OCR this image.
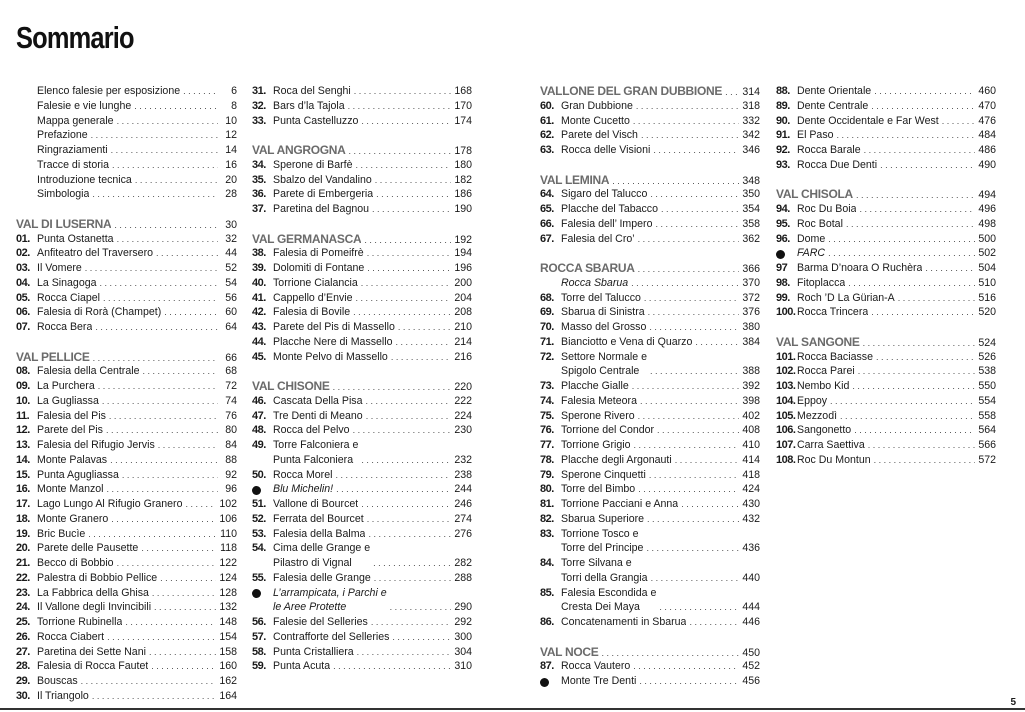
Sommario
Elenco falesie per esposizione . . .	6
Falesie e vie lunghe . . .	8
Mappa generale . . .	10
Prefazione . . .	12
Ringraziamenti . . .	14
Tracce di storia . . .	16
Introduzione tecnica . . .	20
Simbologia . . .	28
VAL DI LUSERNA . . .	30
01. Punta Ostanetta . . .	32
02. Anfiteatro del Traversero . . .	44
03. Il Vomere . . .	52
04. La Sinagoga . . .	54
05. Rocca Ciapel . . .	56
06. Falesia di Rorà (Champet) . . .	60
07. Rocca Bera . . .	64
VAL PELLICE . . .	66
08. Falesia della Centrale . . .	68
09. La Purchera . . .	72
10. La Gugliassa . . .	74
11. Falesia del Pis . . .	76
12. Parete del Pis . . .	80
13. Falesia del Rifugio Jervis . . .	84
14. Monte Palavas . . .	88
15. Punta Agugliassa . . .	92
16. Monte Manzol . . .	96
17. Lago Lungo Al Rifugio Granero . . .	102
18. Monte Granero . . .	106
19. Bric Bucìe . . .	110
20. Parete delle Pausette . . .	118
21. Becco di Bobbio . . .	122
22. Palestra di Bobbio Pellice . . .	124
23. La Fabbrica della Ghisa . . .	128
24. Il Vallone degli Invincibili . . .	132
25. Torrione Rubinella . . .	148
26. Rocca Ciabert . . .	154
27. Paretina dei Sette Nani . . .	158
28. Falesia di Rocca Fautet . . .	160
29. Bouscas . . .	162
30. Il Triangolo . . .	164
31. Roca del Senghi . . .	168
32. Bars d’la Tajola . . .	170
33. Punta Castelluzzo . . .	174
VAL ANGROGNA . . .	178
34. Sperone di Barfè . . .	180
35. Sbalzo del Vandalino . . .	182
36. Parete di Embergeria . . .	186
37. Paretina del Bagnou . . .	190
VAL GERMANASCA . . .	192
38. Falesia di Pomeifrè . . .	194
39. Dolomiti di Fontane . . .	196
40. Torrione Cialancia . . .	200
41. Cappello d’Envie . . .	204
42. Falesia di Bovile . . .	208
43. Parete del Pis di Massello . . .	210
44. Placche Nere di Massello . . .	214
45. Monte Pelvo di Massello . . .	216
VAL CHISONE . . .	220
46. Cascata Della Pisa . . .	222
47. Tre Denti di Meano . . .	224
48. Rocca del Pelvo . . .	230
49. Torre Falconiera e
Punta Falconiera . . .	232
50. Rocca Morel . . .	238
Blu Michelin! . . .	244
51. Vallone di Bourcet . . .	246
52. Ferrata del Bourcet . . .	274
53. Falesia della Balma . . .	276
54. Cima delle Grange e
Pilastro di Vignal . . .	282
55. Falesia delle Grange . . .	288
L’arrampicata, i Parchi e
le Aree Protette . . .	290
56. Falesie del Selleries . . .	292
57. Contrafforte del Selleries . . .	300
58. Punta Cristalliera . . .	304
59. Punta Acuta . . .	310
VALLONE DEL GRAN DUBBIONE . . . 314
60. Gran Dubbione . . .	318
61. Monte Cucetto . . .	332
62. Parete del Visch . . .	342
63. Rocca delle Visioni . . .	346
VAL LEMINA . . .	348
64. Sigaro del Talucco . . .	350
65. Placche del Tabacco . . .	354
66. Falesia dell’ Impero . . .	358
67. Falesia del Cro’ . . .	362
ROCCA SBARUA . . .	366
Rocca Sbarua . . .	370
68. Torre del Talucco . . .	372
69. Sbarua di Sinistra . . .	376
70. Masso del Grosso . . .	380
71. Bianciotto e Vena di Quarzo . . .	384
72. Settore Normale e
Spigolo Centrale . . .	388
73. Placche Gialle . . .	392
74. Falesia Meteora . . .	398
75. Sperone Rivero . . .	402
76. Torrione del Condor . . .	408
77. Torrione Grigio . . .	410
78. Placche degli Argonauti . . .	414
79. Sperone Cinquetti . . .	418
80. Torre del Bimbo . . .	424
81. Torrione Pacciani e Anna . . .	430
82. Sbarua Superiore . . .	432
83. Torrione Tosco e
Torre del Principe . . .	436
84. Torre Silvana e
Torri della Grangia . . .	440
85. Falesia Escondida e
Cresta Dei Maya . . .	444
86. Concatenamenti in Sbarua . . .	446
VAL NOCE . . .	450
87. Rocca Vautero . . .	452
Monte Tre Denti . . .	456
88. Dente Orientale . . .	460
89. Dente Centrale . . .	470
90. Dente Occidentale e Far West . . .	476
91. El Paso . . .	484
92. Rocca Barale . . .	486
93. Rocca Due Denti . . .	490
VAL CHISOLA . . .	494
94. Roc Du Boia . . .	496
95. Roc Botal . . .	498
96. Dome . . .	500
FARC . . .	502
97 Barma D’noara O Ruchèra . . .	504
98. Fitoplacca . . .	510
99. Roch ’D La Gürian-A . . .	516
100. Rocca Trincera . . .	520
VAL SANGONE . . .	524
101. Rocca Baciasse . . .	526
102. Rocca Parei . . .	538
103. Nembo Kid . . .	550
104. Eppoy . . .	554
105. Mezzodì . . .	558
106. Sangonetto . . .	564
107. Carra Saettiva . . .	566
108. Roc Du Montun . . .	572
5
